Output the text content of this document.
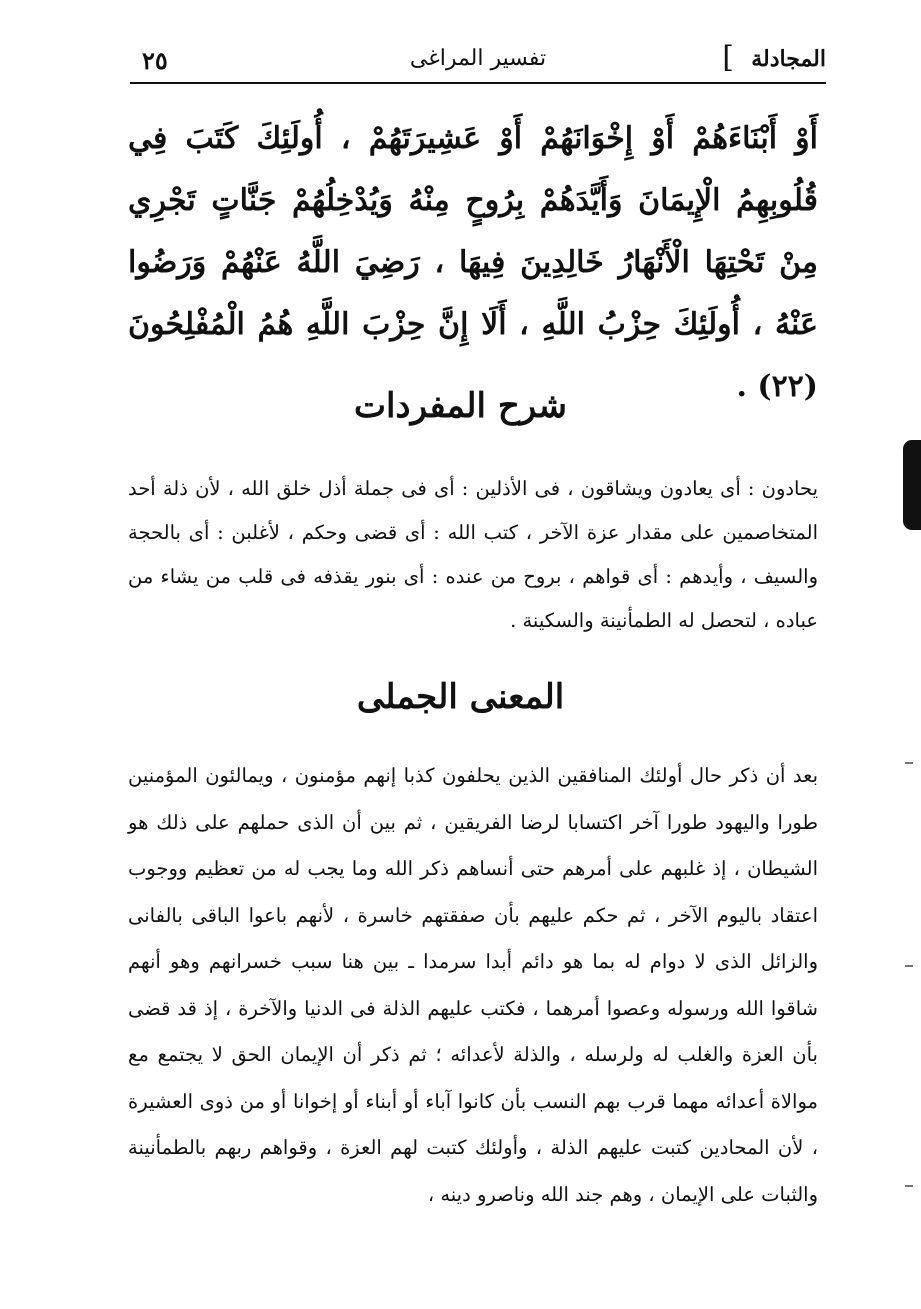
المجادلة
]
تفسير المراغى
٢٥
أَوْ أَبْنَاءَهُمْ أَوْ إِخْوَانَهُمْ أَوْ عَشِيرَتَهُمْ ، أُولَئِكَ كَتَبَ فِي قُلُوبِهِمُ الْإِيمَانَ وَأَيَّدَهُمْ بِرُوحٍ مِنْهُ وَيُدْخِلُهُمْ جَنَّاتٍ تَجْرِي مِنْ تَحْتِهَا الْأَنْهَارُ خَالِدِينَ فِيهَا ، رَضِيَ اللَّهُ عَنْهُمْ وَرَضُوا عَنْهُ ، أُولَئِكَ حِزْبُ اللَّهِ ، أَلَا إِنَّ حِزْبَ اللَّهِ هُمُ الْمُفْلِحُونَ (٢٢) .
شرح المفردات
يحادون : أى يعادون ويشاقون ، فى الأذلين : أى فى جملة أذل خلق الله ، لأن ذلة أحد المتخاصمين على مقدار عزة الآخر ، كتب الله : أى قضى وحكم ، لأغلبن : أى بالحجة والسيف ، وأيدهم : أى قواهم ، بروح من عنده : أى بنور يقذفه فى قلب من يشاء من عباده ، لتحصل له الطمأنينة والسكينة .
المعنى الجملى
بعد أن ذكر حال أولئك المنافقين الذين يحلفون كذبا إنهم مؤمنون ، ويمالئون المؤمنين طورا واليهود طورا آخر اكتسابا لرضا الفريقين ، ثم بين أن الذى حملهم على ذلك هو الشيطان ، إذ غلبهم على أمرهم حتى أنساهم ذكر الله وما يجب له من تعظيم ووجوب اعتقاد باليوم الآخر ، ثم حكم عليهم بأن صفقتهم خاسرة ، لأنهم باعوا الباقى بالفانى والزائل الذى لا دوام له بما هو دائم أبدا سرمدا ـ بين هنا سبب خسرانهم وهو أنهم شاقوا الله ورسوله وعصوا أمرهما ، فكتب عليهم الذلة فى الدنيا والآخرة ، إذ قد قضى بأن العزة والغلب له ولرسله ، والذلة لأعدائه ؛ ثم ذكر أن الإيمان الحق لا يجتمع مع موالاة أعدائه مهما قرب بهم النسب بأن كانوا آباء أو أبناء أو إخوانا أو من ذوى العشيرة ، لأن المحادين كتبت عليهم الذلة ، وأولئك كتبت لهم العزة ، وقواهم ربهم بالطمأنينة والثبات على الإيمان ، وهم جند الله وناصرو دينه ،
